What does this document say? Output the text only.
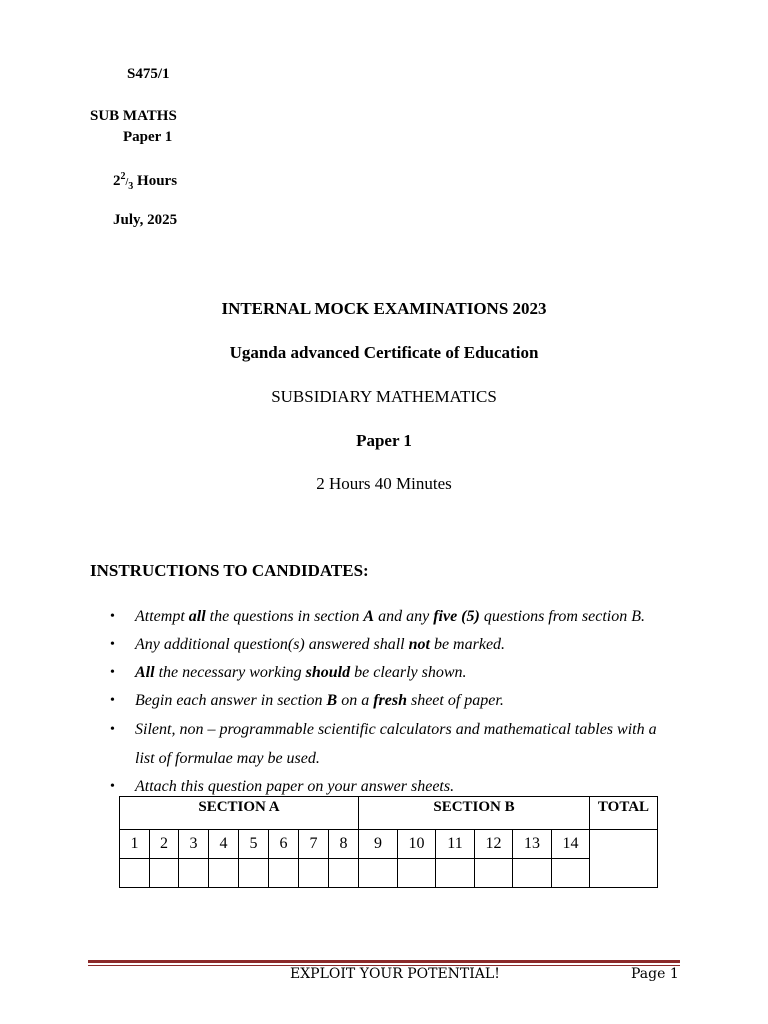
S475/1
SUB MATHS
Paper 1
$2^2/_3$ Hours
July, 2025
INTERNAL MOCK EXAMINATIONS 2023
Uganda advanced Certificate of Education
SUBSIDIARY MATHEMATICS
Paper 1
2 Hours 40 Minutes
INSTRUCTIONS TO CANDIDATES:
• Attempt all the questions in section A and any five (5) questions from section B.
• Any additional question(s) answered shall not be marked.
• All the necessary working should be clearly shown.
• Begin each answer in section B on a fresh sheet of paper.
• Silent, non – programmable scientific calculators and mathematical tables with a list of formulae may be used.
• Attach this question paper on your answer sheets.
SECTION A								SECTION B						TOTAL
1	2	3	4	5	6	7	8	9	10	11	12	13	14	

EXPLOIT YOUR POTENTIAL!	Page 1
